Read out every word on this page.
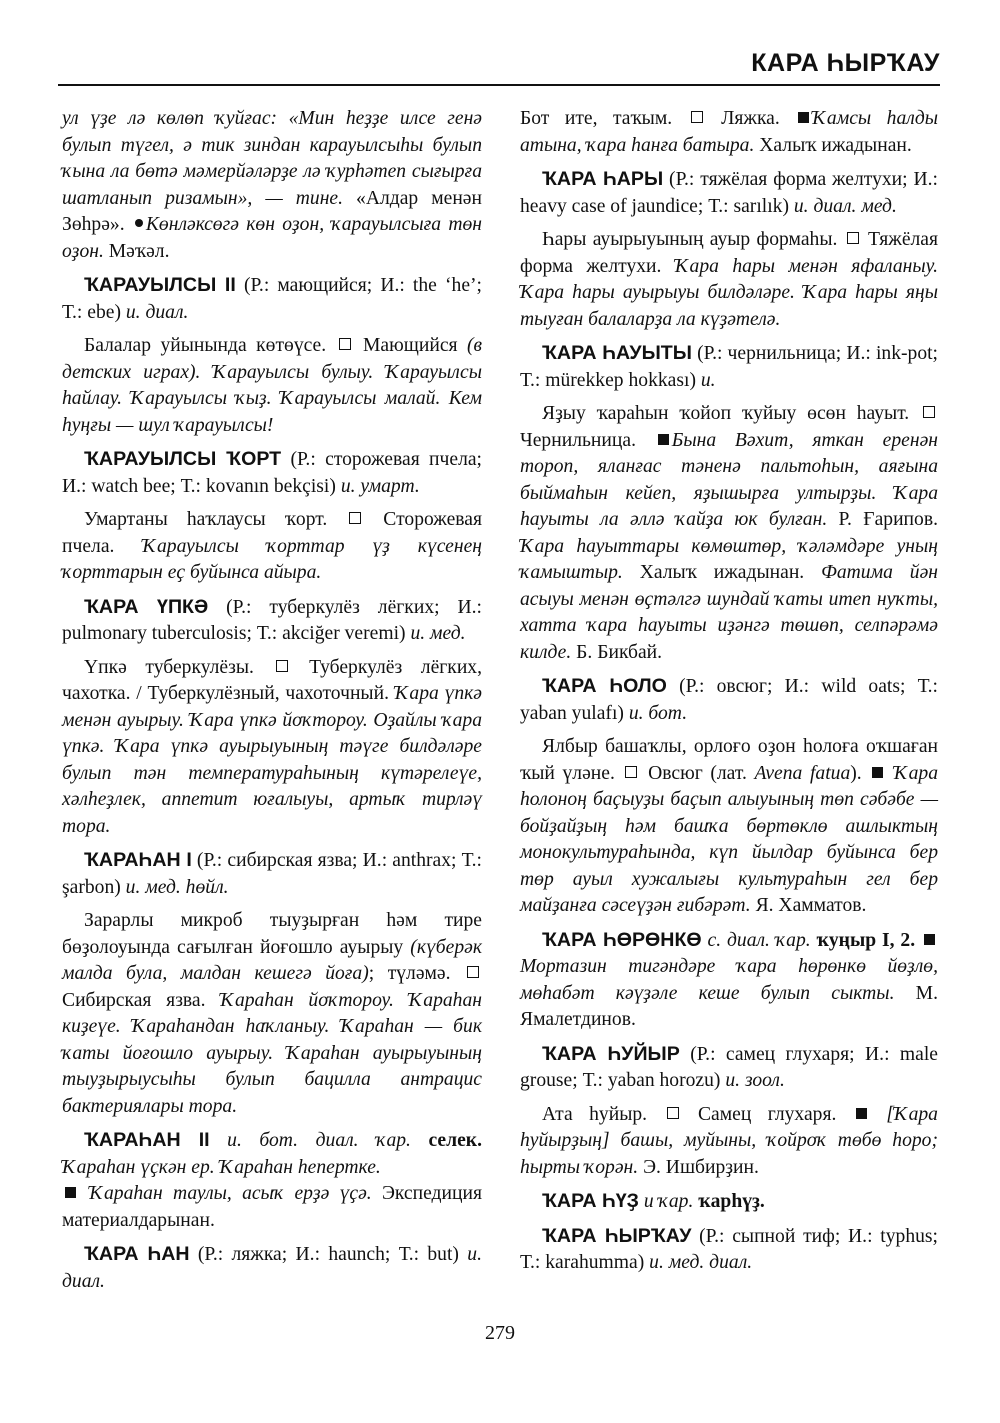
КАРА ҺЫРҠАУ

ул үҙе лә көлөп ҡуйғас: «Мин һеҙҙе илсе генә булып түгел, ә тик зиндан карауылсыһы булып ҡына ла бөтә мәмерйәләрҙе лә ҡурһәтеп сығырға шатланып ризамын», — тине. «Алдар менән Зөһрә». Көнләксөгә көн оҙон, ҡарауылсыға төн оҙон. Мәҡәл.

ҠАРАУЫЛСЫ II (Р.: мающийся; И.: the ‘he’; Т.: ebe) и. диал.

Балалар уйынында көтөүсе.  Мающийся (в детских играх). Ҡарауылсы булыу. Ҡарауылсы һайлау. Ҡарауылсы ҡыҙ. Ҡарауылсы малай. Кем һуңғы — шул ҡарауылсы!

ҠАРАУЫЛСЫ ҠОРТ (Р.: сторожевая пчела; И.: watch bee; Т.: kovanın bekçisi) и. умарт.

Умартаны һаҡлаусы ҡорт.  Сторожевая пчела. Ҡарауылсы ҡорттар үҙ күсенең ҡорттарын еҫ буйынса айыра.

ҠАРА ҮПКӘ (Р.: туберкулёз лёгких; И.: pulmonary tuberculosis; Т.: akciğer veremi) и. мед.

Үпкә туберкулёзы.  Туберкулёз лёгких, чахотка. / Туберкулёзный, чахоточный. Ҡара үпкә менән ауырыу. Ҡара үпкә йоҡтороу. Оҙайлы ҡара үпкә. Ҡара үпкә ауырыуының тәүге билдәләре булып тән температураһының күтәрелеүе, хәлһеҙлек, аппетит юғалыуы, артыҡ тирләү тора.

ҠАРАҺАН I (Р.: сибирская язва; И.: anthrax; Т.: şarbon) и. мед. һөйл.

Зарарлы микроб тыуҙырған һәм тире бөҙолоуында сағылған йоғошло ауырыу (күберәк малда була, малдан кешегә йоға); түләмә.  Сибирская язва. Ҡараһан йоҡтороу. Ҡараһан киҙеүе. Ҡараһандан һаҡланыу. Ҡараһан — бик ҡаты йоғошло ауырыу. Ҡараһан ауырыуының тыуҙырыусыһы булып бацилла антрацис бактериялары тора.

ҠАРАҺАН II и. бот. диал. ҡар. селек. Ҡараһан үҫкән ер. Ҡараһан һепертке.
Ҡараһан таулы, асыҡ ерҙә үҫә. Экспедиция материалдарынан.

ҠАРА ҺАН (Р.: ляжка; И.: haunch; Т.: but) и. диал.

Бот ите, таҡым.  Ляжка. Ҡамсы һалды атына, ҡара һанға батыра. Халыҡ ижадынан.

ҠАРА ҺАРЫ (Р.: тяжёлая форма желтухи; И.: heavy case of jaundice; Т.: sarılık) и. диал. мед.

Һары ауырыуының ауыр формаһы.  Тяжёлая форма желтухи. Ҡара һары менән яфаланыу. Ҡара һары ауырыуы билдәләре. Ҡара һары яңы тыуған балаларҙа ла күҙәтелә.

ҠАРА ҺАУЫТЫ (Р.: чернильница; И.: ink-pot; Т.: mürekkep hokkası) и.

Яҙыу ҡараһын ҡойоп ҡуйыу өсөн һауыт.  Чернильница. Бына Вәхит, яткан еренән тороп, яланғас тәненә пальтоһын, аяғына быймаһын кейеп, яҙышырға ултырҙы. Ҡара һауыты ла әллә ҡайҙа юк булған. Р. Ғарипов. Ҡара һауыттары көмөштөр, ҡәләмдәре уның ҡамыштыр. Халыҡ ижадынан. Фатима йән асыуы менән өҫтәлгә шундай ҡаты итеп нуҡты, хатта ҡара һауыты иҙәнгә төшөп, селпәрәмә килде. Б. Бикбай.

ҠАРА ҺОЛО (Р.: овсюг; И.: wild oats; Т.: yaban yulafı) и. бот.

Ялбыр башаҡлы, орлоғо оҙон һолоға оҡшаған ҡый үләне.  Овсюг (лат. Avena fatua).  Ҡара һолоноң баҫыуҙы баҫып алыуының төп сәбәбе — бойҙайҙың һәм башҡа бөртөклө ашлыктың монокультураһында, күп йылдар буйынса бер төр ауыл хужалығы культураһын гел бер майҙанға сәсеүҙән ғибәрәт. Я. Хамматов.

ҠАРА ҺӨРӨНКӨ с. диал. ҡар. ҡуңыр I, 2.  Мортазин тигәндәре ҡара һөрөнкө йөҙлө, мөһабәт кәүҙәле кеше булып сыкты. М. Ямалетдинов.

ҠАРА ҺУЙЫР (Р.: самец глухаря; И.: male grouse; Т.: yaban horozu) и. зоол.

Ата һуйыр.  Самец глухаря.  [Ҡара һуйырҙың] башы, муйыны, ҡойроҡ төбө һоро; һырты ҡорән. Э. Ишбирҙин.

ҠАРА ҺҮҘ и ҡар. ҡарһүҙ.

ҠАРА ҺЫРҠАУ (Р.: сыпной тиф; И.: typhus; Т.: karahumma) и. мед. диал.

279
